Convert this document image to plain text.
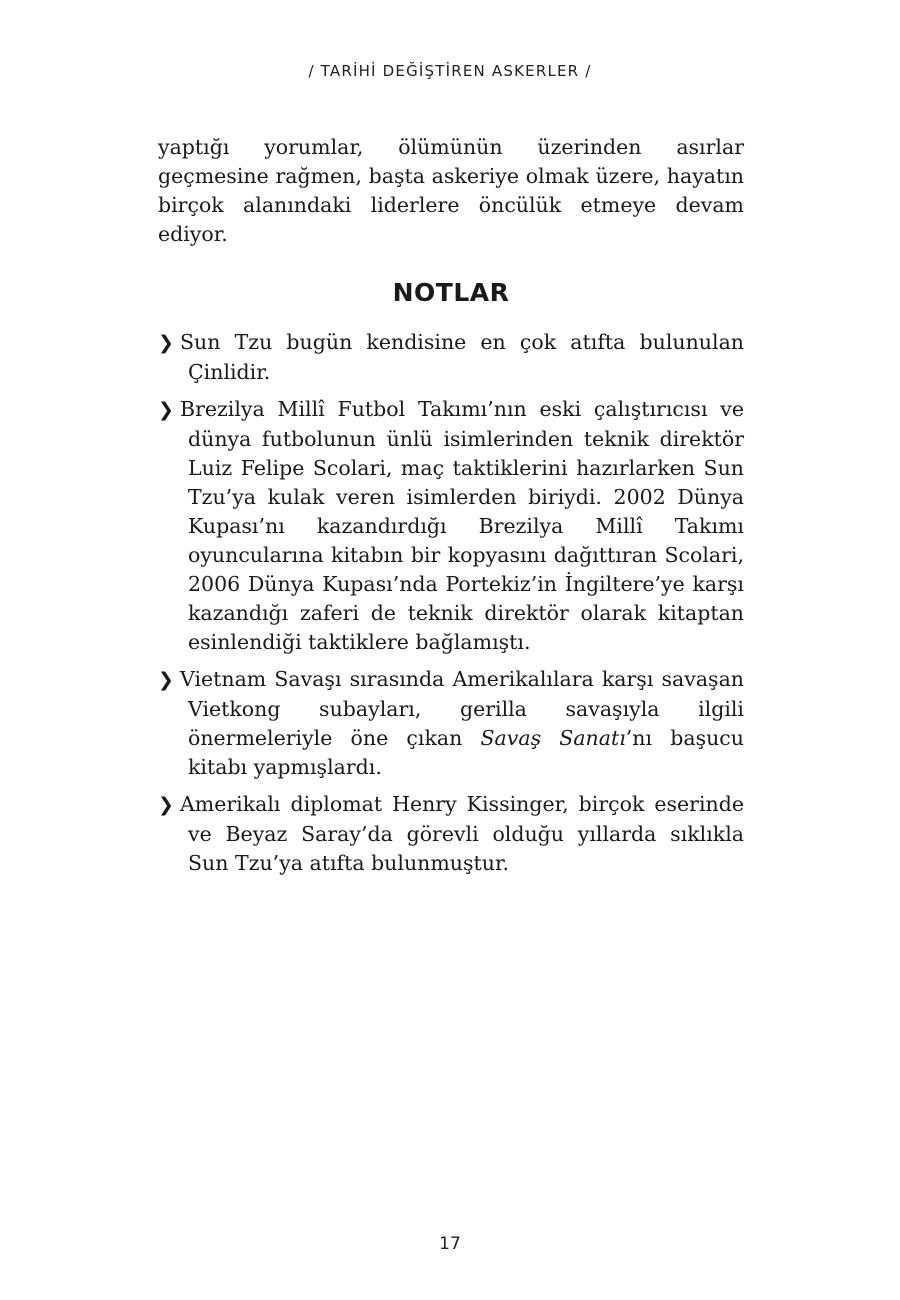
/ TARİHİ DEĞİŞTİREN ASKERLER /

yaptığı yorumlar, ölümünün üzerinden asırlar geçmesine rağmen, başta askeriye olmak üzere, hayatın birçok alanındaki liderlere öncülük etmeye devam ediyor.

NOTLAR
❯ Sun Tzu bugün kendisine en çok atıfta bulunulan Çinlidir.
❯ Brezilya Millî Futbol Takımı’nın eski çalıştırıcısı ve dünya futbolunun ünlü isimlerinden teknik direktör Luiz Felipe Scolari, maç taktiklerini hazırlarken Sun Tzu’ya kulak veren isimlerden biriydi. 2002 Dünya Kupası’nı kazandırdığı Brezilya Millî Takımı oyuncularına kitabın bir kopyasını dağıttıran Scolari, 2006 Dünya Kupası’nda Portekiz’in İngiltere’ye karşı kazandığı zaferi de teknik direktör olarak kitaptan esinlendiği taktiklere bağlamıştı.
❯ Vietnam Savaşı sırasında Amerikalılara karşı savaşan Vietkong subayları, gerilla savaşıyla ilgili önermeleriyle öne çıkan Savaş Sanatı’nı başucu kitabı yapmışlardı.
❯ Amerikalı diplomat Henry Kissinger, birçok eserinde ve Beyaz Saray’da görevli olduğu yıllarda sıklıkla Sun Tzu’ya atıfta bulunmuştur.
17
